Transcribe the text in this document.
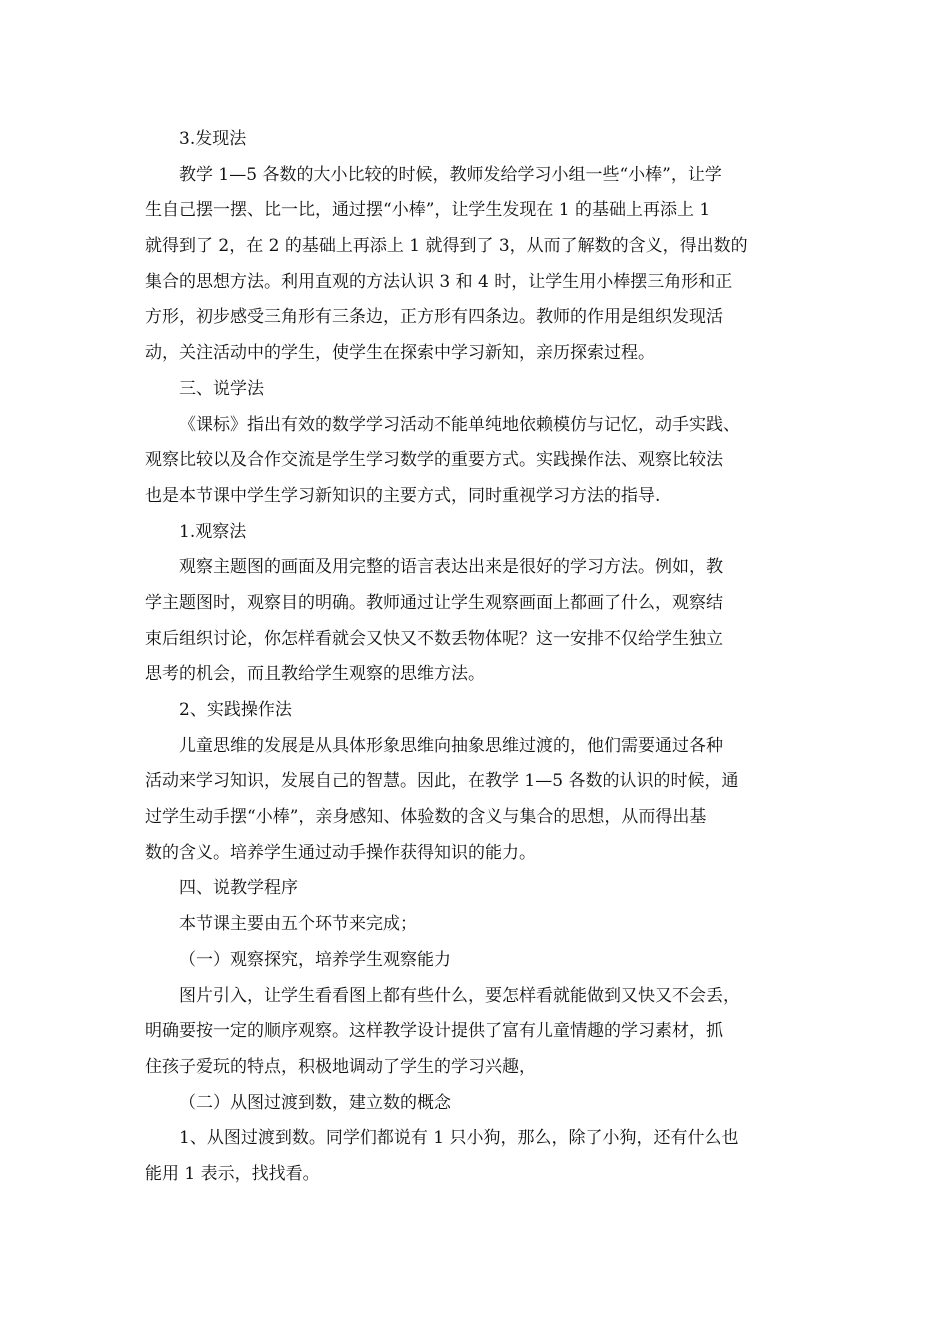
3.发现法
教学 1—5 各数的大小比较的时候，教师发给学习小组一些“小棒”，让学
生自己摆一摆、比一比，通过摆“小棒”，让学生发现在 1 的基础上再添上 1
就得到了 2，在 2 的基础上再添上 1 就得到了 3，从而了解数的含义，得出数的
集合的思想方法。利用直观的方法认识 3 和 4 时，让学生用小棒摆三角形和正
方形，初步感受三角形有三条边，正方形有四条边。教师的作用是组织发现活
动，关注活动中的学生，使学生在探索中学习新知，亲历探索过程。
三、说学法
《课标》指出有效的数学学习活动不能单纯地依赖模仿与记忆，动手实践、
观察比较以及合作交流是学生学习数学的重要方式。实践操作法、观察比较法
也是本节课中学生学习新知识的主要方式，同时重视学习方法的指导.
1.观察法
观察主题图的画面及用完整的语言表达出来是很好的学习方法。例如，教
学主题图时，观察目的明确。教师通过让学生观察画面上都画了什么，观察结
束后组织讨论，你怎样看就会又快又不数丢物体呢？这一安排不仅给学生独立
思考的机会，而且教给学生观察的思维方法。
2、实践操作法
儿童思维的发展是从具体形象思维向抽象思维过渡的，他们需要通过各种
活动来学习知识，发展自己的智慧。因此，在教学 1—5 各数的认识的时候，通
过学生动手摆“小棒”，亲身感知、体验数的含义与集合的思想，从而得出基
数的含义。培养学生通过动手操作获得知识的能力。
四、说教学程序
本节课主要由五个环节来完成；
（一）观察探究，培养学生观察能力
图片引入，让学生看看图上都有些什么，要怎样看就能做到又快又不会丢，
明确要按一定的顺序观察。这样教学设计提供了富有儿童情趣的学习素材，抓
住孩子爱玩的特点，积极地调动了学生的学习兴趣，
（二）从图过渡到数，建立数的概念
1、从图过渡到数。同学们都说有 1 只小狗，那么，除了小狗，还有什么也
能用 1 表示，找找看。
